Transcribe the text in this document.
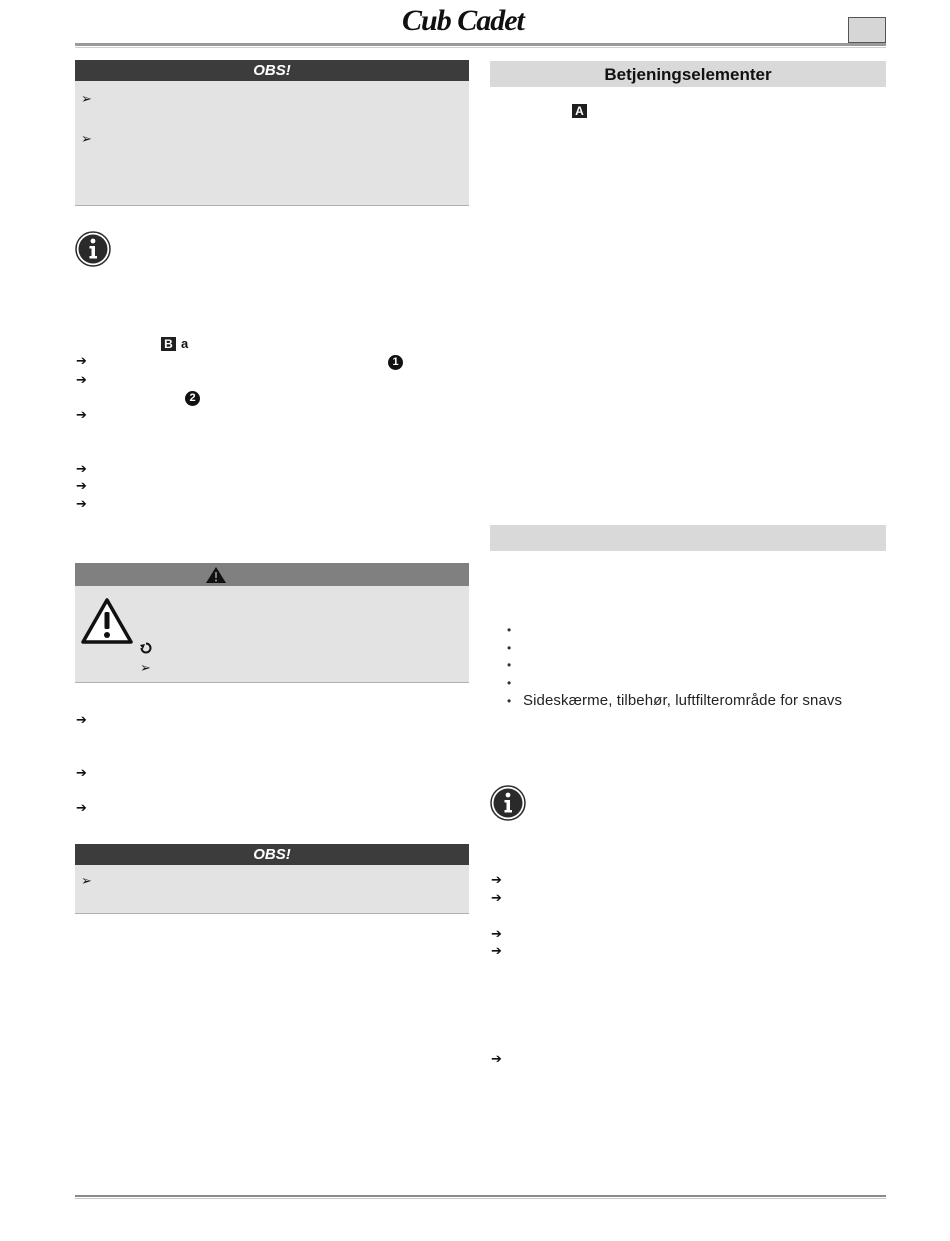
Cub Cadet
OBS!
➢
➢
B a
➔	1
➔
2
➔
➔
➔
➔
➢
➔
➔
➔
OBS!
➢
Betjeningselementer
A
•
•
•
•
• Sideskærme, tilbehør, luftfilterområde for snavs
➔
➔
➔
➔
➔
